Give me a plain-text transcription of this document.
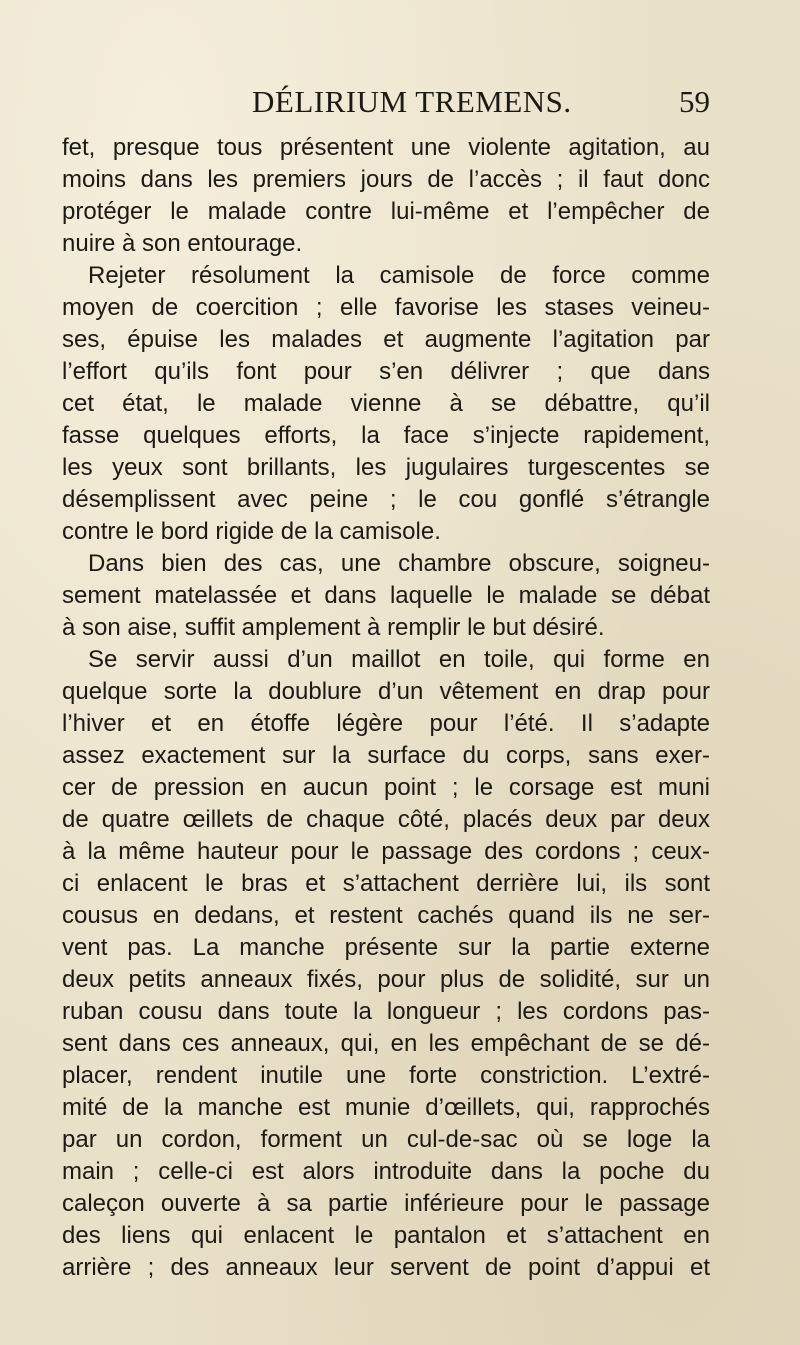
DÉLIRIUM TREMENS.	59
fet, presque tous présentent une violente agitation, au
moins dans les premiers jours de l’accès ; il faut donc
protéger le malade contre lui-même et l’empêcher de
nuire à son entourage.
Rejeter résolument la camisole de force comme
moyen de coercition ; elle favorise les stases veineu-
ses, épuise les malades et augmente l’agitation par
l’effort qu’ils font pour s’en délivrer ; que dans
cet état, le malade vienne à se débattre, qu’il
fasse quelques efforts, la face s’injecte rapidement,
les yeux sont brillants, les jugulaires turgescentes se
désemplissent avec peine ; le cou gonflé s’étrangle
contre le bord rigide de la camisole.
Dans bien des cas, une chambre obscure, soigneu-
sement matelassée et dans laquelle le malade se débat
à son aise, suffit amplement à remplir le but désiré.
Se servir aussi d’un maillot en toile, qui forme en
quelque sorte la doublure d’un vêtement en drap pour
l’hiver et en étoffe légère pour l’été. Il s’adapte
assez exactement sur la surface du corps, sans exer-
cer de pression en aucun point ; le corsage est muni
de quatre œillets de chaque côté, placés deux par deux
à la même hauteur pour le passage des cordons ; ceux-
ci enlacent le bras et s’attachent derrière lui, ils sont
cousus en dedans, et restent cachés quand ils ne ser-
vent pas. La manche présente sur la partie externe
deux petits anneaux fixés, pour plus de solidité, sur un
ruban cousu dans toute la longueur ; les cordons pas-
sent dans ces anneaux, qui, en les empêchant de se dé-
placer, rendent inutile une forte constriction. L’extré-
mité de la manche est munie d’œillets, qui, rapprochés
par un cordon, forment un cul-de-sac où se loge la
main ; celle-ci est alors introduite dans la poche du
caleçon ouverte à sa partie inférieure pour le passage
des liens qui enlacent le pantalon et s’attachent en
arrière ; des anneaux leur servent de point d’appui et
